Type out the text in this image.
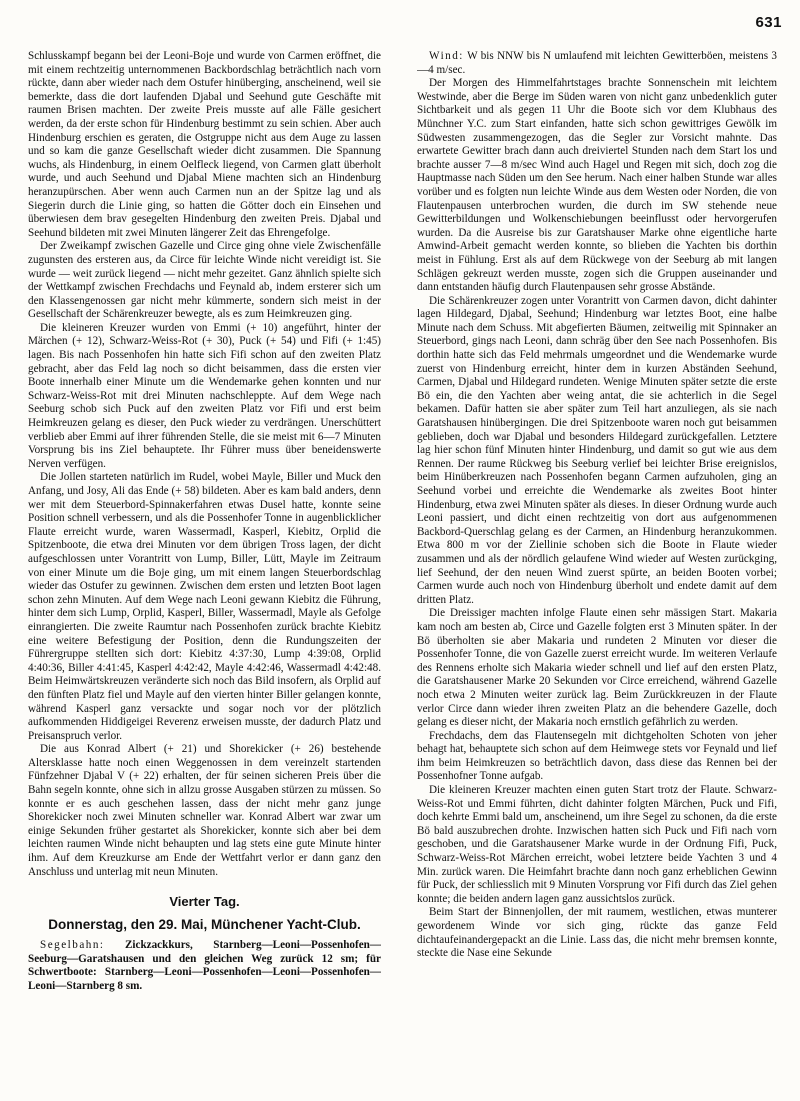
631

Schlusskampf begann bei der Leoni-Boje und wurde von Carmen eröffnet, die mit einem rechtzeitig unternommenen Backbordschlag beträchtlich nach vorn rückte, dann aber wieder nach dem Ostufer hinüberging, anscheinend, weil sie bemerkte, dass die dort laufenden Djabal und Seehund gute Geschäfte mit raumen Brisen machten. Der zweite Preis musste auf alle Fälle gesichert werden, da der erste schon für Hindenburg bestimmt zu sein schien. Aber auch Hindenburg erschien es geraten, die Ostgruppe nicht aus dem Auge zu lassen und so kam die ganze Gesellschaft wieder dicht zusammen. Die Spannung wuchs, als Hindenburg, in einem Oelfleck liegend, von Carmen glatt überholt wurde, und auch Seehund und Djabal Miene machten sich an Hindenburg heranzupürschen. Aber wenn auch Carmen nun an der Spitze lag und als Siegerin durch die Linie ging, so hatten die Götter doch ein Einsehen und überwiesen dem brav gesegelten Hindenburg den zweiten Preis. Djabal und Seehund bildeten mit zwei Minuten längerer Zeit das Ehrengefolge.

Der Zweikampf zwischen Gazelle und Circe ging ohne viele Zwischenfälle zugunsten des ersteren aus, da Circe für leichte Winde nicht vereidigt ist. Sie wurde — weit zurück liegend — nicht mehr gezeitet. Ganz ähnlich spielte sich der Wettkampf zwischen Frechdachs und Feynald ab, indem ersterer sich um den Klassengenossen gar nicht mehr kümmerte, sondern sich meist in der Gesellschaft der Schärenkreuzer bewegte, als es zum Heimkreuzen ging.

Die kleineren Kreuzer wurden von Emmi (+ 10) angeführt, hinter der Märchen (+ 12), Schwarz-Weiss-Rot (+ 30), Puck (+ 54) und Fifi (+ 1:45) lagen. Bis nach Possenhofen hin hatte sich Fifi schon auf den zweiten Platz gebracht, aber das Feld lag noch so dicht beisammen, dass die ersten vier Boote innerhalb einer Minute um die Wendemarke gehen konnten und nur Schwarz-Weiss-Rot mit drei Minuten nachschleppte. Auf dem Wege nach Seeburg schob sich Puck auf den zweiten Platz vor Fifi und erst beim Heimkreuzen gelang es dieser, den Puck wieder zu verdrängen. Unerschüttert verblieb aber Emmi auf ihrer führenden Stelle, die sie meist mit 6—7 Minuten Vorsprung bis ins Ziel behauptete. Ihr Führer muss über beneidenswerte Nerven verfügen.

Die Jollen starteten natürlich im Rudel, wobei Mayle, Biller und Muck den Anfang, und Josy, Ali das Ende (+ 58) bildeten. Aber es kam bald anders, denn wer mit dem Steuerbord-Spinnakerfahren etwas Dusel hatte, konnte seine Position schnell verbessern, und als die Possenhofer Tonne in augenblicklicher Flaute erreicht wurde, waren Wassermadl, Kasperl, Kiebitz, Orplid die Spitzenboote, die etwa drei Minuten vor dem übrigen Tross lagen, der dicht aufgeschlossen unter Vorantritt von Lump, Biller, Lütt, Mayle im Zeitraum von einer Minute um die Boje ging, um mit einem langen Steuerbordschlag wieder das Ostufer zu gewinnen. Zwischen dem ersten und letzten Boot lagen schon zehn Minuten. Auf dem Wege nach Leoni gewann Kiebitz die Führung, hinter dem sich Lump, Orplid, Kasperl, Biller, Wassermadl, Mayle als Gefolge einrangierten. Die zweite Raumtur nach Possenhofen zurück brachte Kiebitz eine weitere Befestigung der Position, denn die Rundungszeiten der Führergruppe stellten sich dort: Kiebitz 4:37:30, Lump 4:39:08, Orplid 4:40:36, Biller 4:41:45, Kasperl 4:42:42, Mayle 4:42:46, Wassermadl 4:42:48. Beim Heimwärtskreuzen veränderte sich noch das Bild insofern, als Orplid auf den fünften Platz fiel und Mayle auf den vierten hinter Biller gelangen konnte, während Kasperl ganz versackte und sogar noch vor der plötzlich aufkommenden Hiddigeigei Reverenz erweisen musste, der dadurch Platz und Preisanspruch verlor.

Die aus Konrad Albert (+ 21) und Shorekicker (+ 26) bestehende Altersklasse hatte noch einen Weggenossen in dem vereinzelt startenden Fünfzehner Djabal V (+ 22) erhalten, der für seinen sicheren Preis über die Bahn segeln konnte, ohne sich in allzu grosse Ausgaben stürzen zu müssen. So konnte er es auch geschehen lassen, dass der nicht mehr ganz junge Shorekicker noch zwei Minuten schneller war. Konrad Albert war zwar um einige Sekunden früher gestartet als Shorekicker, konnte sich aber bei dem leichten raumen Winde nicht behaupten und lag stets eine gute Minute hinter ihm. Auf dem Kreuzkurse am Ende der Wettfahrt verlor er dann ganz den Anschluss und unterlag mit neun Minuten.

Vierter Tag.

Donnerstag, den 29. Mai, Münchener Yacht-Club.

Segelbahn: Zickzackkurs, Starnberg—Leoni—Possenhofen—Seeburg—Garatshausen und den gleichen Weg zurück 12 sm; für Schwertboote: Starnberg—Leoni—Possenhofen—Leoni—Possenhofen—Leoni—Starnberg 8 sm.

Wind: W bis NNW bis N umlaufend mit leichten Gewitterböen, meistens 3—4 m/sec.

Der Morgen des Himmelfahrtstages brachte Sonnenschein mit leichtem Westwinde, aber die Berge im Süden waren von nicht ganz unbedenklich guter Sichtbarkeit und als gegen 11 Uhr die Boote sich vor dem Klubhaus des Münchner Y.C. zum Start einfanden, hatte sich schon gewittriges Gewölk im Südwesten zusammengezogen, das die Segler zur Vorsicht mahnte. Das erwartete Gewitter brach dann auch dreiviertel Stunden nach dem Start los und brachte ausser 7—8 m/sec Wind auch Hagel und Regen mit sich, doch zog die Hauptmasse nach Süden um den See herum. Nach einer halben Stunde war alles vorüber und es folgten nun leichte Winde aus dem Westen oder Norden, die von Flautenpausen unterbrochen wurden, die durch im SW stehende neue Gewitterbildungen und Wolkenschiebungen beeinflusst oder hervorgerufen wurden. Da die Ausreise bis zur Garatshauser Marke ohne eigentliche harte Amwind-Arbeit gemacht werden konnte, so blieben die Yachten bis dorthin meist in Fühlung. Erst als auf dem Rückwege von der Seeburg ab mit langen Schlägen gekreuzt werden musste, zogen sich die Gruppen auseinander und dann entstanden häufig durch Flautenpausen sehr grosse Abstände.

Die Schärenkreuzer zogen unter Vorantritt von Carmen davon, dicht dahinter lagen Hildegard, Djabal, Seehund; Hindenburg war letztes Boot, eine halbe Minute nach dem Schuss. Mit abgefierten Bäumen, zeitweilig mit Spinnaker an Steuerbord, gings nach Leoni, dann schräg über den See nach Possenhofen. Bis dorthin hatte sich das Feld mehrmals umgeordnet und die Wendemarke wurde zuerst von Hindenburg erreicht, hinter dem in kurzen Abständen Seehund, Carmen, Djabal und Hildegard rundeten. Wenige Minuten später setzte die erste Bö ein, die den Yachten aber weing antat, die sie achterlich in die Segel bekamen. Dafür hatten sie aber später zum Teil hart anzuliegen, als sie nach Garatshausen hinübergingen. Die drei Spitzenboote waren noch gut beisammen geblieben, doch war Djabal und besonders Hildegard zurückgefallen. Letztere lag hier schon fünf Minuten hinter Hindenburg, und damit so gut wie aus dem Rennen. Der raume Rückweg bis Seeburg verlief bei leichter Brise ereignislos, beim Hinüberkreuzen nach Possenhofen begann Carmen aufzuholen, ging an Seehund vorbei und erreichte die Wendemarke als zweites Boot hinter Hindenburg, etwa zwei Minuten später als dieses. In dieser Ordnung wurde auch Leoni passiert, und dicht einen rechtzeitig von dort aus aufgenommenen Backbord-Querschlag gelang es der Carmen, an Hindenburg heranzukommen. Etwa 800 m vor der Ziellinie schoben sich die Boote in Flaute wieder zusammen und als der nördlich gelaufene Wind wieder auf Westen zurückging, lief Seehund, der den neuen Wind zuerst spürte, an beiden Booten vorbei; Carmen wurde auch noch von Hindenburg überholt und endete damit auf dem dritten Platz.

Die Dreissiger machten infolge Flaute einen sehr mässigen Start. Makaria kam noch am besten ab, Circe und Gazelle folgten erst 3 Minuten später. In der Bö überholten sie aber Makaria und rundeten 2 Minuten vor dieser die Possenhofer Tonne, die von Gazelle zuerst erreicht wurde. Im weiteren Verlaufe des Rennens erholte sich Makaria wieder schnell und lief auf den ersten Platz, die Garatshausener Marke 20 Sekunden vor Circe erreichend, während Gazelle noch etwa 2 Minuten weiter zurück lag. Beim Zurückkreuzen in der Flaute verlor Circe dann wieder ihren zweiten Platz an die behendere Gazelle, doch gelang es dieser nicht, der Makaria noch ernstlich gefährlich zu werden.

Frechdachs, dem das Flautensegeln mit dichtgeholten Schoten von jeher behagt hat, behauptete sich schon auf dem Heimwege stets vor Feynald und lief ihm beim Heimkreuzen so beträchtlich davon, dass diese das Rennen bei der Possenhofner Tonne aufgab.

Die kleineren Kreuzer machten einen guten Start trotz der Flaute. Schwarz-Weiss-Rot und Emmi führten, dicht dahinter folgten Märchen, Puck und Fifi, doch kehrte Emmi bald um, anscheinend, um ihre Segel zu schonen, da die erste Bö bald auszubrechen drohte. Inzwischen hatten sich Puck und Fifi nach vorn geschoben, und die Garatshausener Marke wurde in der Ordnung Fifi, Puck, Schwarz-Weiss-Rot Märchen erreicht, wobei letztere beide Yachten 3 und 4 Min. zurück waren. Die Heimfahrt brachte dann noch ganz erheblichen Gewinn für Puck, der schliesslich mit 9 Minuten Vorsprung vor Fifi durch das Ziel gehen konnte; die beiden andern lagen ganz aussichtslos zurück.

Beim Start der Binnenjollen, der mit raumem, westlichen, etwas munterer gewordenem Winde vor sich ging, rückte das ganze Feld dichtaufeinandergepackt an die Linie. Lass das, die nicht mehr bremsen konnte, steckte die Nase eine Sekunde
